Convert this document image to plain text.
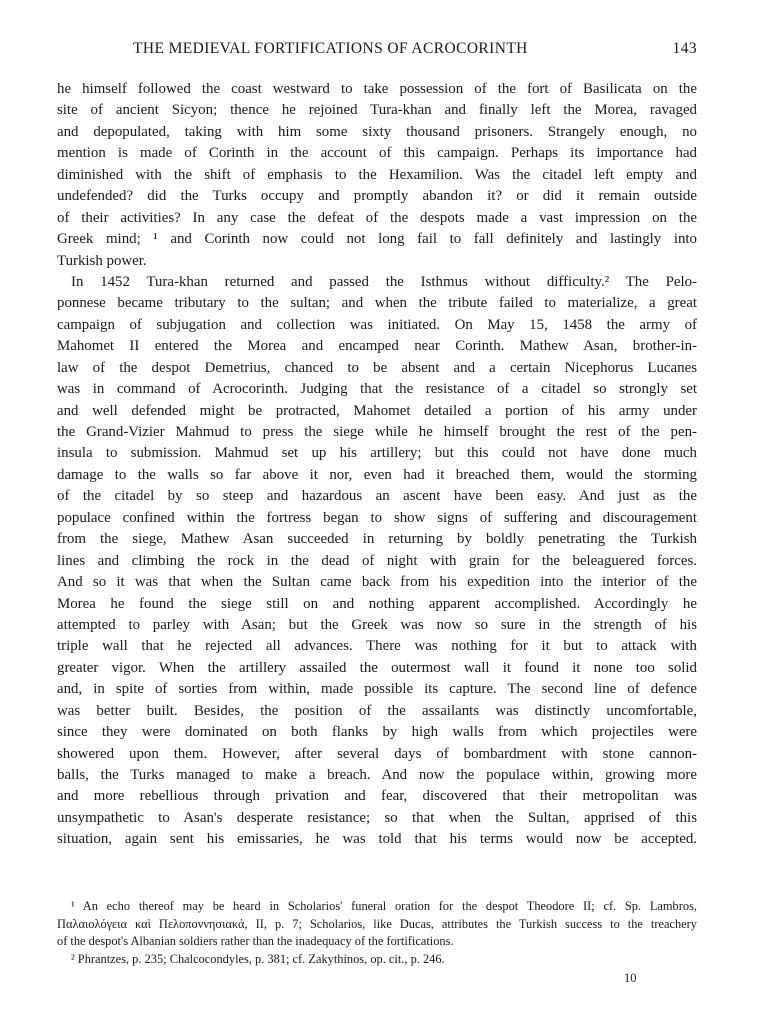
THE MEDIEVAL FORTIFICATIONS OF ACROCORINTH	143
he himself followed the coast westward to take possession of the fort of Basilicata on the
site of ancient Sicyon; thence he rejoined Tura-khan and finally left the Morea, ravaged
and depopulated, taking with him some sixty thousand prisoners. Strangely enough, no
mention is made of Corinth in the account of this campaign. Perhaps its importance had
diminished with the shift of emphasis to the Hexamilion. Was the citadel left empty and
undefended? did the Turks occupy and promptly abandon it? or did it remain outside
of their activities? In any case the defeat of the despots made a vast impression on the
Greek mind; ¹ and Corinth now could not long fail to fall definitely and lastingly into
Turkish power.
In 1452 Tura-khan returned and passed the Isthmus without difficulty.² The Pelo-
ponnese became tributary to the sultan; and when the tribute failed to materialize, a great
campaign of subjugation and collection was initiated. On May 15, 1458 the army of
Mahomet II entered the Morea and encamped near Corinth. Mathew Asan, brother-in-
law of the despot Demetrius, chanced to be absent and a certain Nicephorus Lucanes
was in command of Acrocorinth. Judging that the resistance of a citadel so strongly set
and well defended might be protracted, Mahomet detailed a portion of his army under
the Grand-Vizier Mahmud to press the siege while he himself brought the rest of the pen-
insula to submission. Mahmud set up his artillery; but this could not have done much
damage to the walls so far above it nor, even had it breached them, would the storming
of the citadel by so steep and hazardous an ascent have been easy. And just as the
populace confined within the fortress began to show signs of suffering and discouragement
from the siege, Mathew Asan succeeded in returning by boldly penetrating the Turkish
lines and climbing the rock in the dead of night with grain for the beleaguered forces.
And so it was that when the Sultan came back from his expedition into the interior of the
Morea he found the siege still on and nothing apparent accomplished. Accordingly he
attempted to parley with Asan; but the Greek was now so sure in the strength of his
triple wall that he rejected all advances. There was nothing for it but to attack with
greater vigor. When the artillery assailed the outermost wall it found it none too solid
and, in spite of sorties from within, made possible its capture. The second line of defence
was better built. Besides, the position of the assailants was distinctly uncomfortable,
since they were dominated on both flanks by high walls from which projectiles were
showered upon them. However, after several days of bombardment with stone cannon-
balls, the Turks managed to make a breach. And now the populace within, growing more
and more rebellious through privation and fear, discovered that their metropolitan was
unsympathetic to Asan's desperate resistance; so that when the Sultan, apprised of this
situation, again sent his emissaries, he was told that his terms would now be accepted.
¹ An echo thereof may be heard in Scholarios' funeral oration for the despot Theodore II; cf. Sp. Lambros,
Παλαιολόγεια καὶ Πελοποννησιακά, II, p. 7; Scholarios, like Ducas, attributes the Turkish success to the treachery
of the despot's Albanian soldiers rather than the inadequacy of the fortifications.
² Phrantzes, p. 235; Chalcocondyles, p. 381; cf. Zakythinos, op. cit., p. 246.
10
